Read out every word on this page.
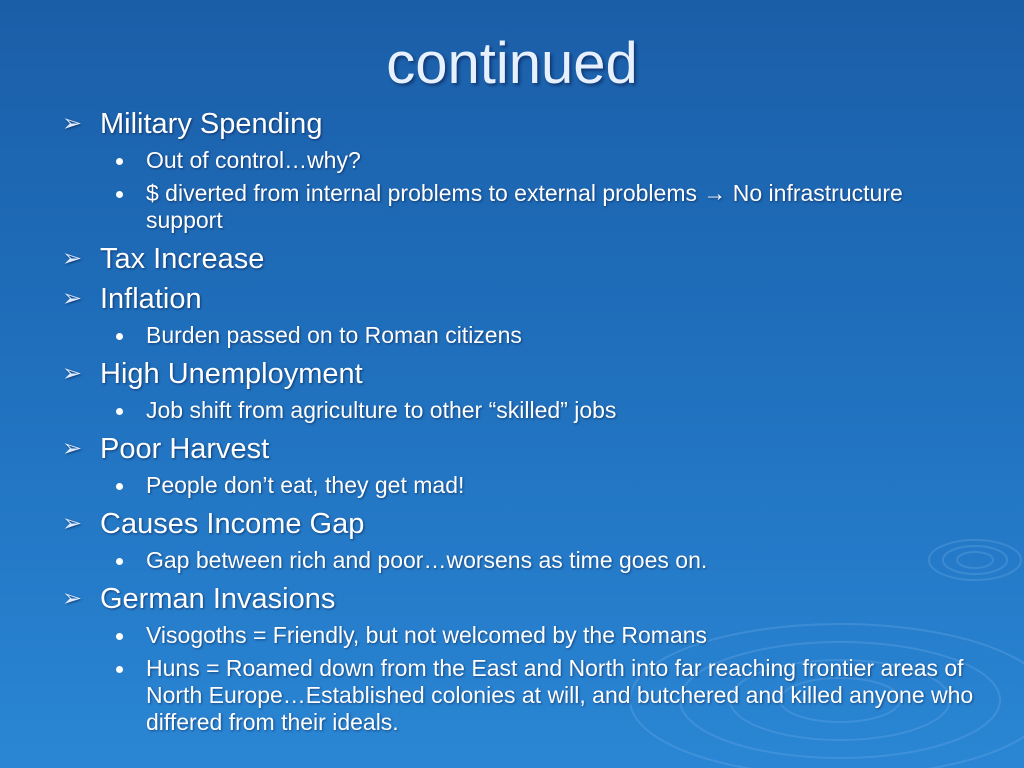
continued
➢ Military Spending
Out of control…why?
$ diverted from internal problems to external problems → No infrastructure support
➢ Tax Increase
➢ Inflation
Burden passed on to Roman citizens
➢ High Unemployment
Job shift from agriculture to other “skilled” jobs
➢ Poor Harvest
People don’t eat, they get mad!
➢ Causes Income Gap
Gap between rich and poor…worsens as time goes on.
➢ German Invasions
Visogoths = Friendly, but not welcomed by the Romans
Huns = Roamed down from the East and North into far reaching frontier areas of North Europe…Established colonies at will, and butchered and killed anyone who differed from their ideals.
